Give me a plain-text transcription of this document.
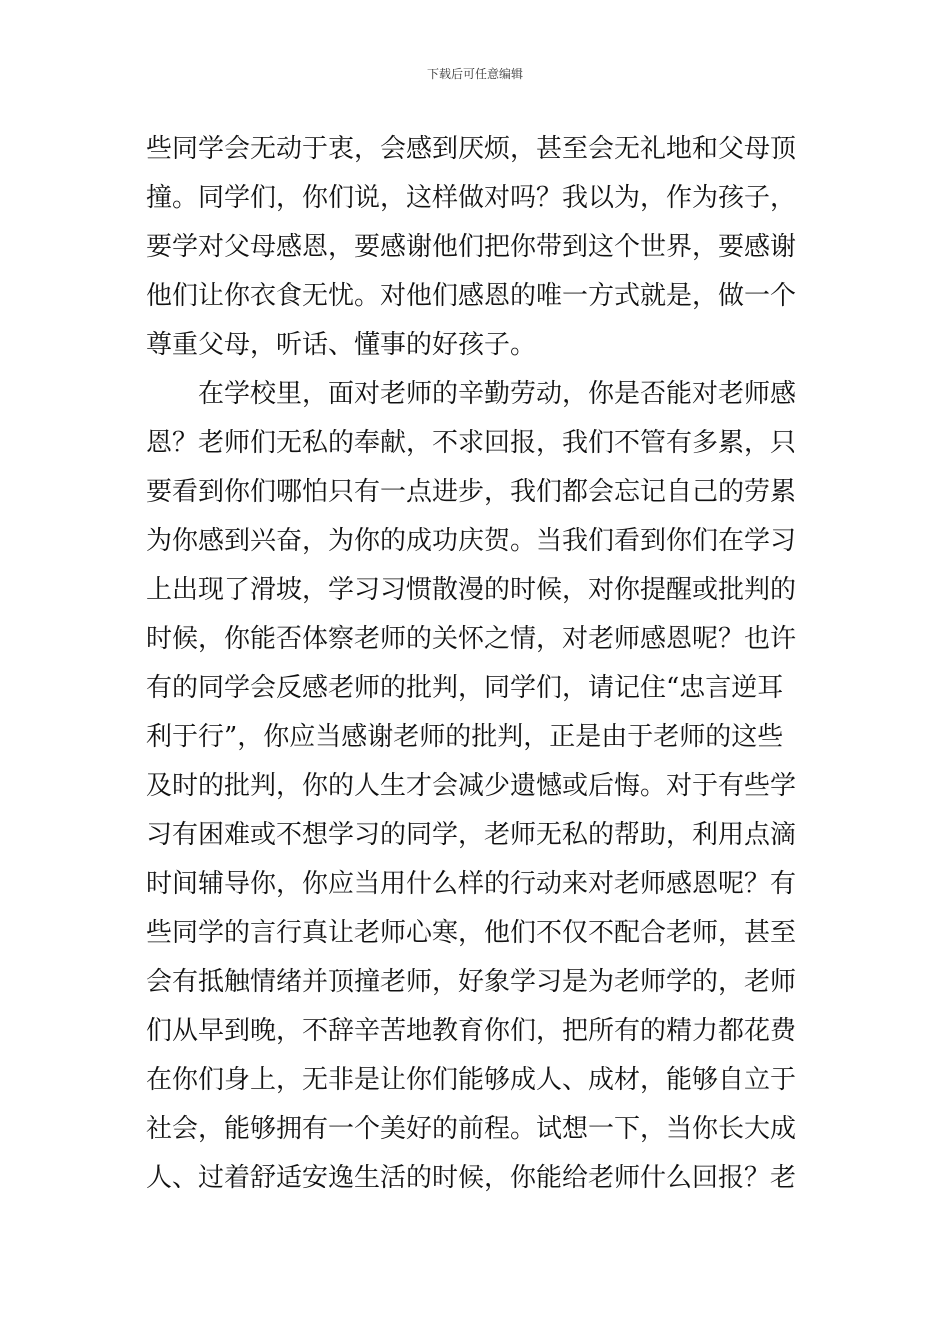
下载后可任意编辑
些同学会无动于衷，会感到厌烦，甚至会无礼地和父母顶
撞。同学们，你们说，这样做对吗？我以为，作为孩子，
要学对父母感恩，要感谢他们把你带到这个世界，要感谢
他们让你衣食无忧。对他们感恩的唯一方式就是，做一个
尊重父母，听话、懂事的好孩子。
　　在学校里，面对老师的辛勤劳动，你是否能对老师感
恩？老师们无私的奉献，不求回报，我们不管有多累，只
要看到你们哪怕只有一点进步，我们都会忘记自己的劳累
为你感到兴奋，为你的成功庆贺。当我们看到你们在学习
上出现了滑坡，学习习惯散漫的时候，对你提醒或批判的
时候，你能否体察老师的关怀之情，对老师感恩呢？也许
有的同学会反感老师的批判，同学们，请记住“忠言逆耳
利于行”，你应当感谢老师的批判，正是由于老师的这些
及时的批判，你的人生才会减少遗憾或后悔。对于有些学
习有困难或不想学习的同学，老师无私的帮助，利用点滴
时间辅导你，你应当用什么样的行动来对老师感恩呢？有
些同学的言行真让老师心寒，他们不仅不配合老师，甚至
会有抵触情绪并顶撞老师，好象学习是为老师学的，老师
们从早到晚，不辞辛苦地教育你们，把所有的精力都花费
在你们身上，无非是让你们能够成人、成材，能够自立于
社会，能够拥有一个美好的前程。试想一下，当你长大成
人、过着舒适安逸生活的时候，你能给老师什么回报？老
